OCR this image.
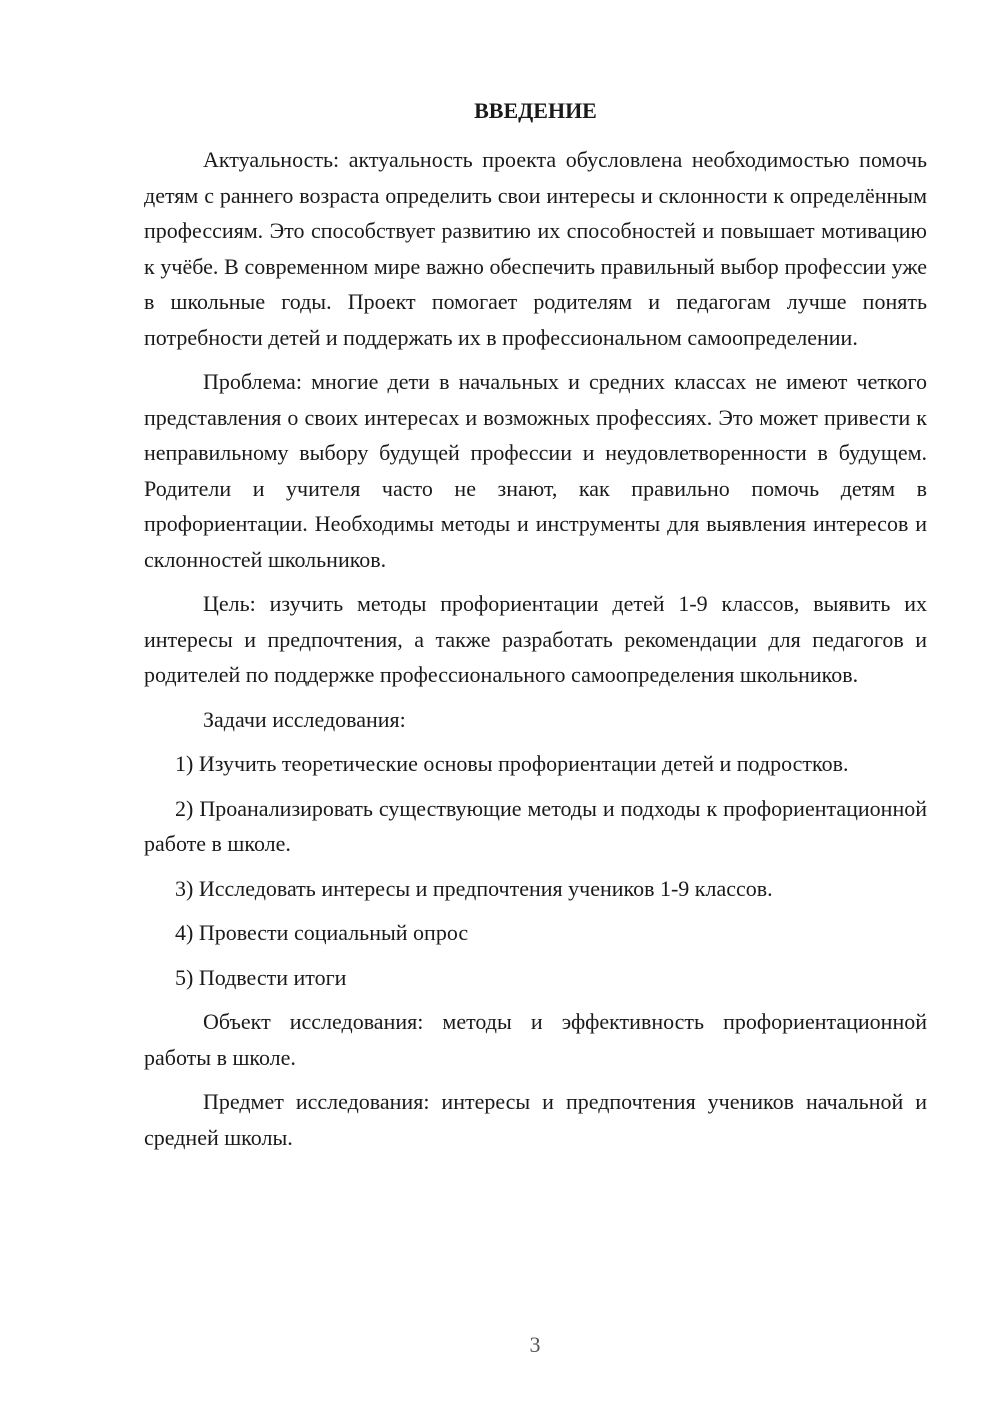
ВВЕДЕНИЕ

Актуальность: актуальность проекта обусловлена необходимостью помочь детям с раннего возраста определить свои интересы и склонности к определённым профессиям. Это способствует развитию их способностей и повышает мотивацию к учёбе. В современном мире важно обеспечить правильный выбор профессии уже в школьные годы. Проект помогает родителям и педагогам лучше понять потребности детей и поддержать их в профессиональном самоопределении.

Проблема: многие дети в начальных и средних классах не имеют четкого представления о своих интересах и возможных профессиях. Это может привести к неправильному выбору будущей профессии и неудовлетворенности в будущем. Родители и учителя часто не знают, как правильно помочь детям в профориентации. Необходимы методы и инструменты для выявления интересов и склонностей школьников.

Цель: изучить методы профориентации детей 1-9 классов, выявить их интересы и предпочтения, а также разработать рекомендации для педагогов и родителей по поддержке профессионального самоопределения школьников.

Задачи исследования:

1) Изучить теоретические основы профориентации детей и подростков.

2) Проанализировать существующие методы и подходы к профориентационной работе в школе.

3) Исследовать интересы и предпочтения учеников 1-9 классов.

4) Провести социальный опрос

5) Подвести итоги

Объект исследования: методы и эффективность профориентационной работы в школе.

Предмет исследования: интересы и предпочтения учеников начальной и средней школы.

3
